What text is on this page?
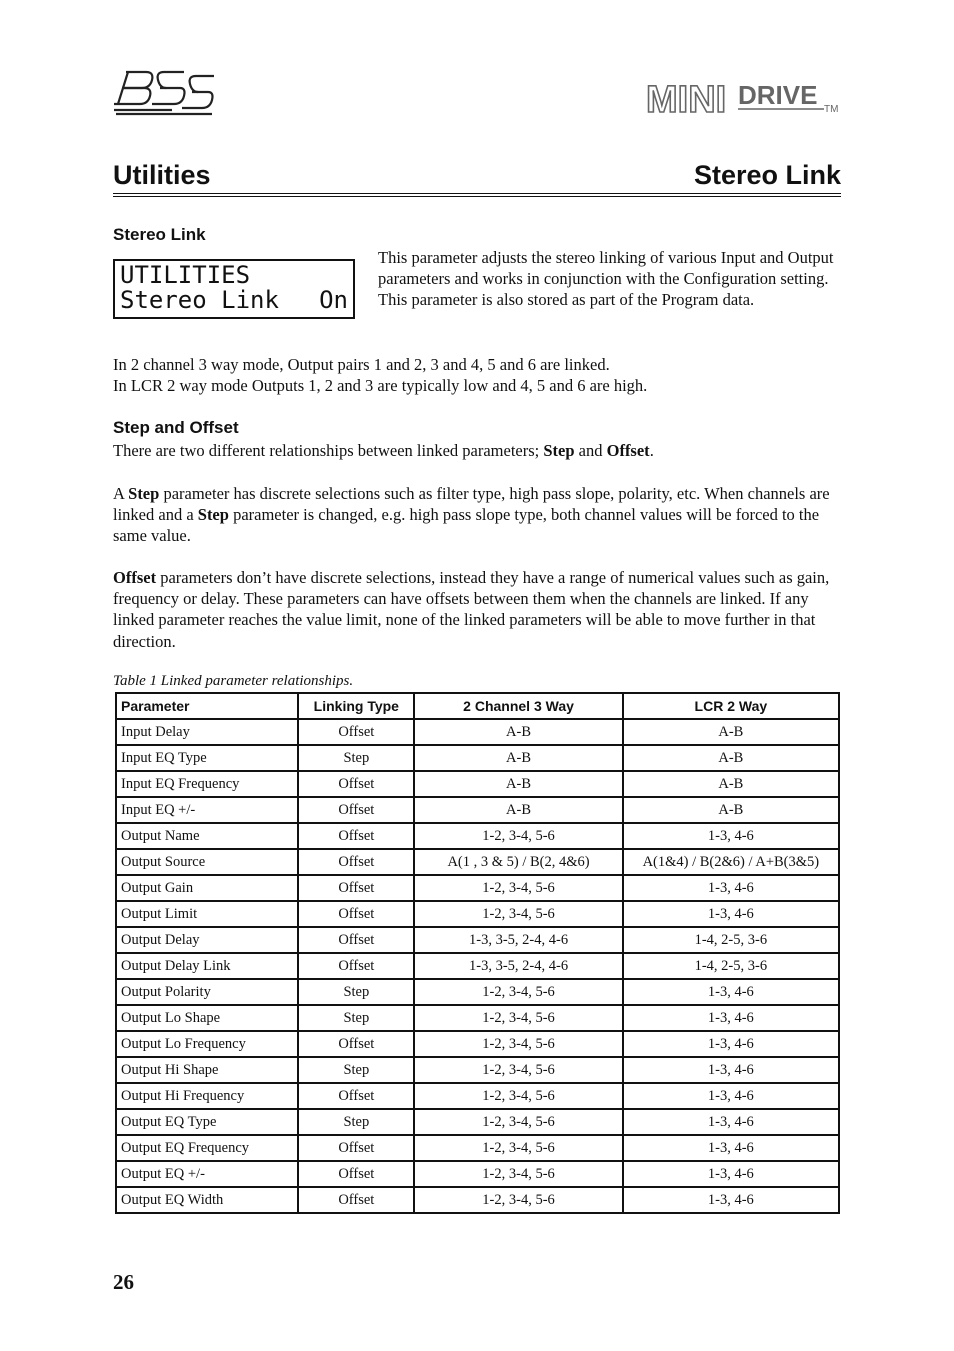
MINI DRIVE TM
Utilities	Stereo Link
Stereo Link
UTILITIES
Stereo Link On

This parameter adjusts the stereo linking of various Input and Output parameters and works in conjunction with the Configuration setting. This parameter is also stored as part of the Program data.

In 2 channel 3 way mode, Output pairs 1 and 2, 3 and 4, 5 and 6 are linked.
In LCR 2 way mode Outputs 1, 2 and 3 are typically low and 4, 5 and 6 are high.

Step and Offset

There are two different relationships between linked parameters; Step and Offset.

A Step parameter has discrete selections such as filter type, high pass slope, polarity, etc. When channels are linked and a Step parameter is changed, e.g. high pass slope type, both channel values will be forced to the same value.

Offset parameters don’t have discrete selections, instead they have a range of numerical values such as gain, frequency or delay. These parameters can have offsets between them when the channels are linked. If any linked parameter reaches the value limit, none of the linked parameters will be able to move further in that direction.

Table 1 Linked parameter relationships.
Parameter	Linking Type	2 Channel 3 Way	LCR 2 Way
Input Delay	Offset	A-B	A-B
Input EQ Type	Step	A-B	A-B
Input EQ Frequency	Offset	A-B	A-B
Input EQ +/-	Offset	A-B	A-B
Output Name	Offset	1-2, 3-4, 5-6	1-3, 4-6
Output Source	Offset	A(1 , 3 & 5) / B(2, 4&6)	A(1&4) / B(2&6) / A+B(3&5)
Output Gain	Offset	1-2, 3-4, 5-6	1-3, 4-6
Output Limit	Offset	1-2, 3-4, 5-6	1-3, 4-6
Output Delay	Offset	1-3, 3-5, 2-4, 4-6	1-4, 2-5, 3-6
Output Delay Link	Offset	1-3, 3-5, 2-4, 4-6	1-4, 2-5, 3-6
Output Polarity	Step	1-2, 3-4, 5-6	1-3, 4-6
Output Lo Shape	Step	1-2, 3-4, 5-6	1-3, 4-6
Output Lo Frequency	Offset	1-2, 3-4, 5-6	1-3, 4-6
Output Hi Shape	Step	1-2, 3-4, 5-6	1-3, 4-6
Output Hi Frequency	Offset	1-2, 3-4, 5-6	1-3, 4-6
Output EQ Type	Step	1-2, 3-4, 5-6	1-3, 4-6
Output EQ Frequency	Offset	1-2, 3-4, 5-6	1-3, 4-6
Output EQ +/-	Offset	1-2, 3-4, 5-6	1-3, 4-6
Output EQ Width	Offset	1-2, 3-4, 5-6	1-3, 4-6
26
